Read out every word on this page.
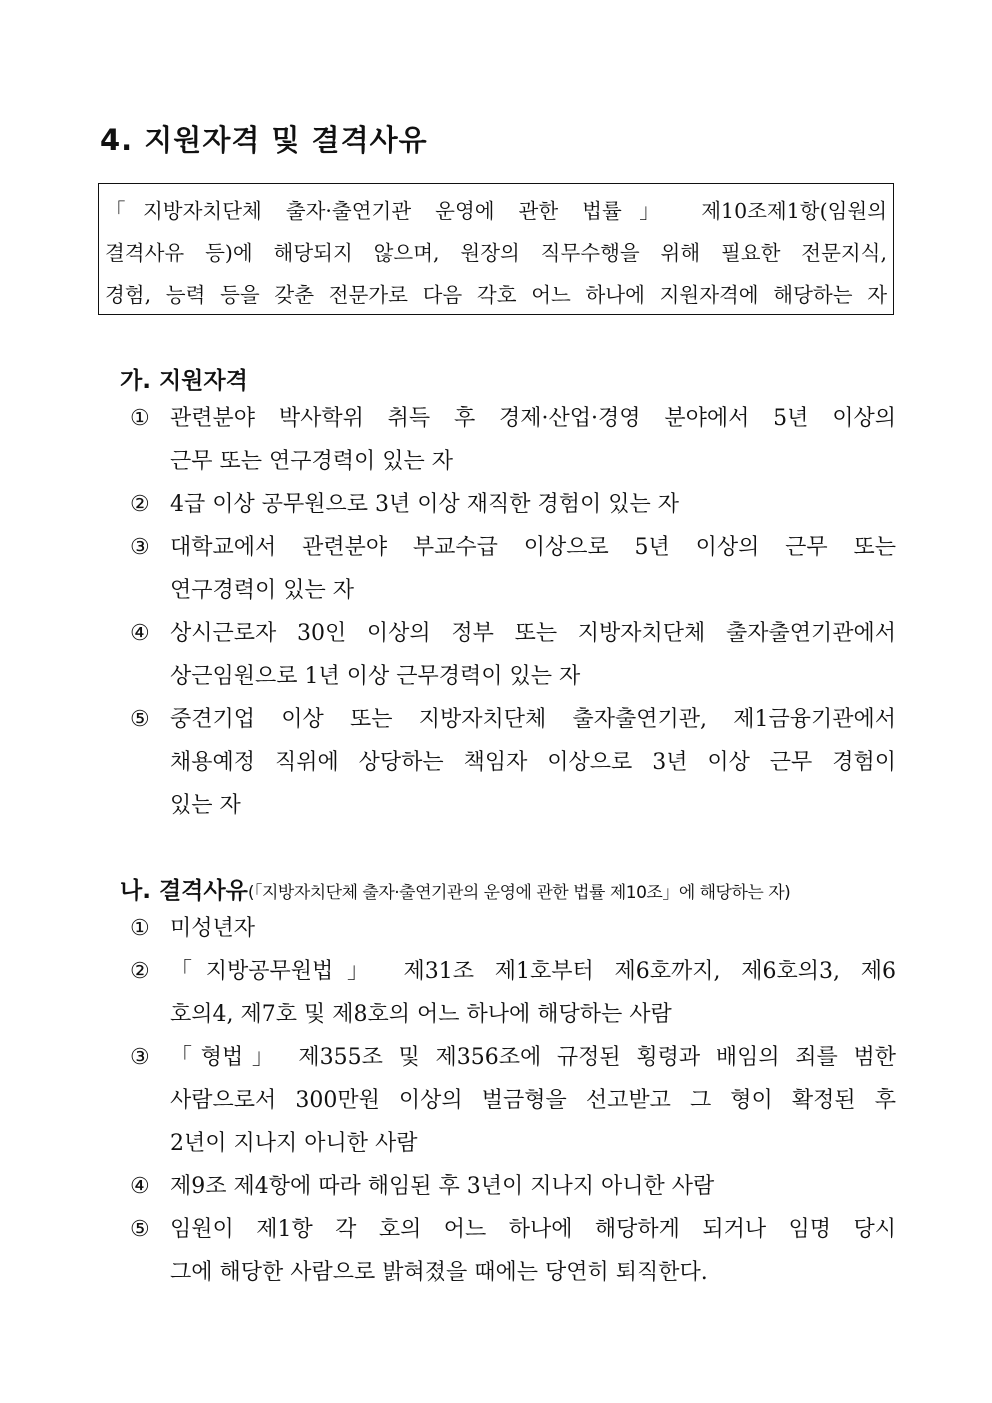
4. 지원자격 및 결격사유
「지방자치단체 출자·출연기관 운영에 관한 법률」 제10조제1항(임원의
결격사유 등)에 해당되지 않으며, 원장의 직무수행을 위해 필요한 전문지식,
경험, 능력 등을 갖춘 전문가로 다음 각호 어느 하나에 지원자격에 해당하는 자
가. 지원자격
① 관련분야 박사학위 취득 후 경제·산업·경영 분야에서 5년 이상의
근무 또는 연구경력이 있는 자
② 4급 이상 공무원으로 3년 이상 재직한 경험이 있는 자
③ 대학교에서 관련분야 부교수급 이상으로 5년 이상의 근무 또는
연구경력이 있는 자
④ 상시근로자 30인 이상의 정부 또는 지방자치단체 출자출연기관에서
상근임원으로 1년 이상 근무경력이 있는 자
⑤ 중견기업 이상 또는 지방자치단체 출자출연기관, 제1금융기관에서
채용예정 직위에 상당하는 책임자 이상으로 3년 이상 근무 경험이
있는 자
나. 결격사유(「지방자치단체 출자·출연기관의 운영에 관한 법률 제10조」에 해당하는 자)
① 미성년자
② 「지방공무원법」 제31조 제1호부터 제6호까지, 제6호의3, 제6
호의4, 제7호 및 제8호의 어느 하나에 해당하는 사람
③ 「형법」 제355조 및 제356조에 규정된 횡령과 배임의 죄를 범한
사람으로서 300만원 이상의 벌금형을 선고받고 그 형이 확정된 후
2년이 지나지 아니한 사람
④ 제9조 제4항에 따라 해임된 후 3년이 지나지 아니한 사람
⑤ 임원이 제1항 각 호의 어느 하나에 해당하게 되거나 임명 당시
그에 해당한 사람으로 밝혀졌을 때에는 당연히 퇴직한다.
